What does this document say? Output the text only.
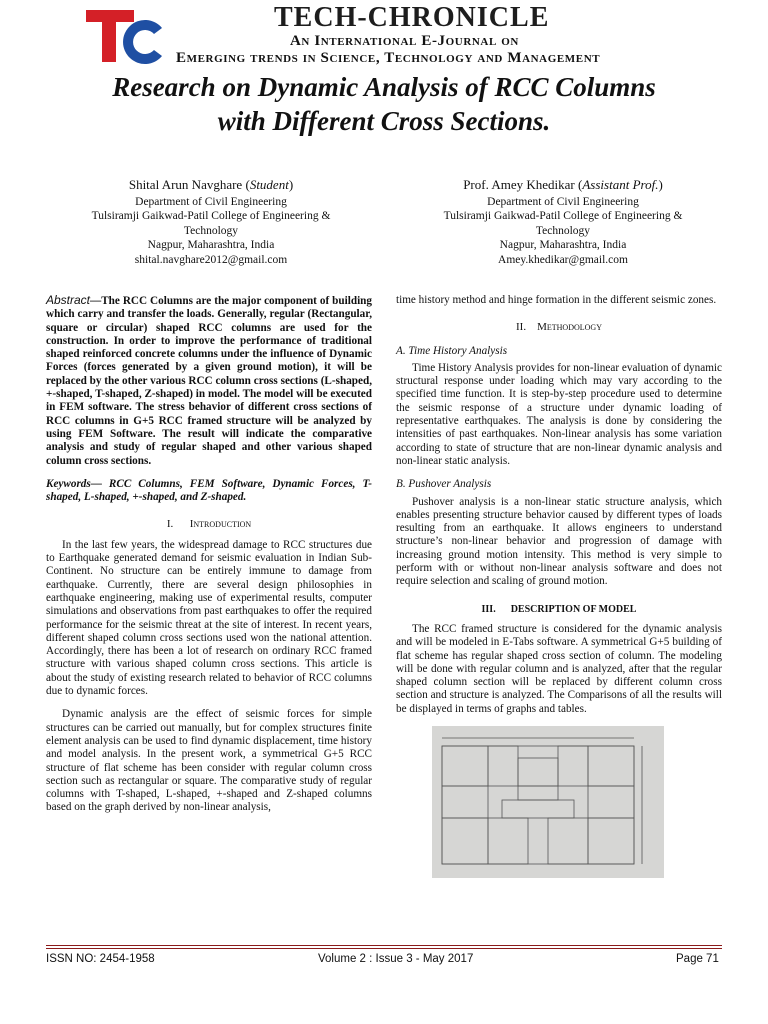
TECH-CHRONICLE
An International E-Journal on
Emerging trends in Science, Technology and Management
Research on Dynamic Analysis of RCC Columns
with Different Cross Sections.
Shital Arun Navghare (Student)
Department of Civil Engineering
Tulsiramji Gaikwad-Patil College of Engineering &
Technology
Nagpur, Maharashtra, India
shital.navghare2012@gmail.com
Prof. Amey Khedikar (Assistant Prof.)
Department of Civil Engineering
Tulsiramji Gaikwad-Patil College of Engineering &
Technology
Nagpur, Maharashtra, India
Amey.khedikar@gmail.com

Abstract—The RCC Columns are the major component of building which carry and transfer the loads. Generally, regular (Rectangular, square or circular) shaped RCC columns are used for the construction. In order to improve the performance of traditional shaped reinforced concrete columns under the influence of Dynamic Forces (forces generated by a given ground motion), it will be replaced by the other various RCC column cross sections (L-shaped, +-shaped, T-shaped, Z-shaped) in model. The model will be executed in FEM software. The stress behavior of different cross sections of RCC columns in G+5 RCC framed structure will be analyzed by using FEM Software. The result will indicate the comparative analysis and study of regular shaped and other various shaped column cross sections.

Keywords— RCC Columns, FEM Software, Dynamic Forces, T-shaped, L-shaped, +-shaped, and Z-shaped.

I. Introduction

In the last few years, the widespread damage to RCC structures due to Earthquake generated demand for seismic evaluation in Indian Sub-Continent. No structure can be entirely immune to damage from earthquake. Currently, there are several design philosophies in earthquake engineering, making use of experimental results, computer simulations and observations from past earthquakes to offer the required performance for the seismic threat at the site of interest. In recent years, different shaped column cross sections used won the national attention. Accordingly, there has been a lot of research on ordinary RCC framed structure with various shaped column cross sections. This article is about the study of existing research related to behavior of RCC columns due to dynamic forces.

Dynamic analysis are the effect of seismic forces for simple structures can be carried out manually, but for complex structures finite element analysis can be used to find dynamic displacement, time history and model analysis. In the present work, a symmetrical G+5 RCC structure of flat scheme has been consider with regular column cross section such as rectangular or square. The comparative study of regular columns with T-shaped, L-shaped, +-shaped and Z-shaped columns based on the graph derived by non-linear analysis,

time history method and hinge formation in the different seismic zones.

II. Methodology
A. Time History Analysis

Time History Analysis provides for non-linear evaluation of dynamic structural response under loading which may vary according to the specified time function. It is step-by-step procedure used to determine the seismic response of a structure under dynamic loading of representative earthquakes. The analysis is done by considering the intensities of past earthquakes. Non-linear analysis has some variation according to state of structure that are non-linear dynamic analysis and non-linear static analysis.

B. Pushover Analysis

Pushover analysis is a non-linear static structure analysis, which enables presenting structure behavior caused by different types of loads resulting from an earthquake. It allows engineers to understand structure’s non-linear behavior and progression of damage with increasing ground motion intensity. This method is very simple to perform with or without non-linear analysis software and does not require selection and scaling of ground motion.

III. DESCRIPTION OF MODEL

The RCC framed structure is considered for the dynamic analysis and will be modeled in E-Tabs software. A symmetrical G+5 building of flat scheme has regular shaped cross section of column. The modeling will be done with regular column and is analyzed, after that the regular shaped column section will be replaced by different column cross section and structure is analyzed. The Comparisons of all the results will be displayed in terms of graphs and tables.

ISSN NO: 2454-1958	Volume 2 : Issue 3 - May 2017	Page 71
